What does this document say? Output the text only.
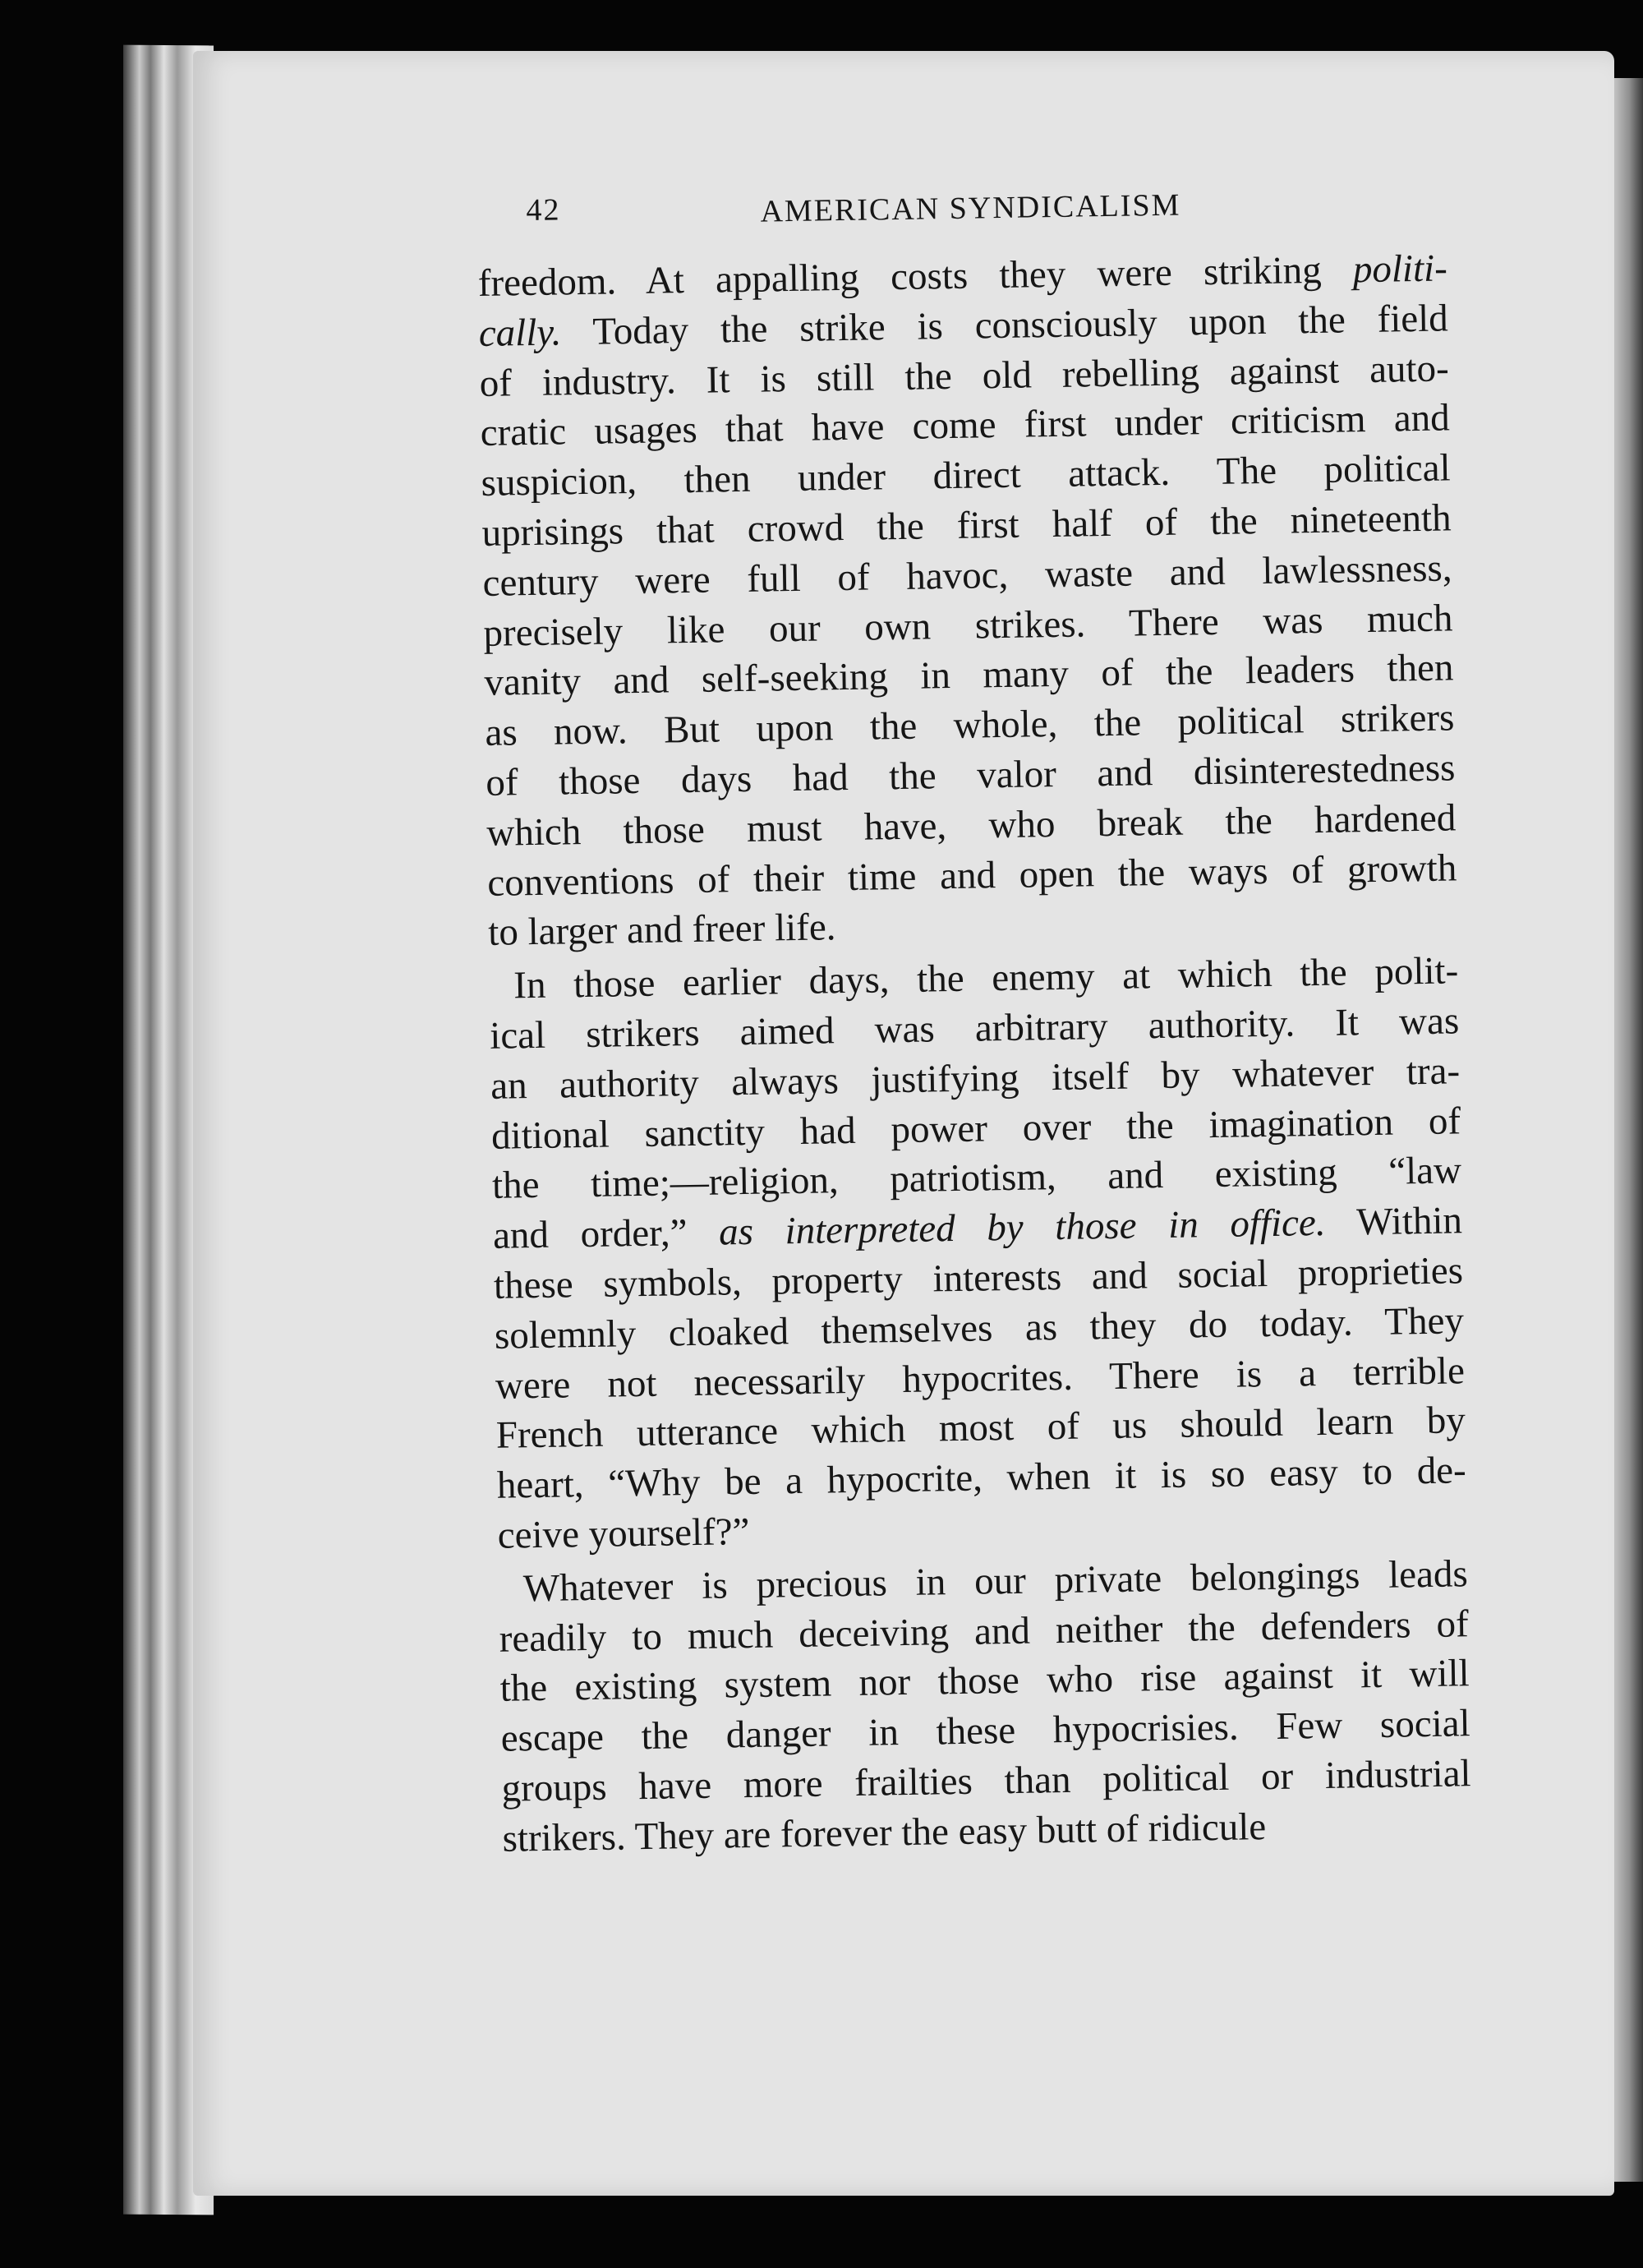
42	AMERICAN SYNDICALISM

freedom. At appalling costs they were striking politi-
cally. Today the strike is consciously upon the field
of industry. It is still the old rebelling against auto-
cratic usages that have come first under criticism and
suspicion, then under direct attack. The political
uprisings that crowd the first half of the nineteenth
century were full of havoc, waste and lawlessness,
precisely like our own strikes. There was much
vanity and self-seeking in many of the leaders then
as now. But upon the whole, the political strikers
of those days had the valor and disinterestedness
which those must have, who break the hardened
conventions of their time and open the ways of growth
to larger and freer life.

In those earlier days, the enemy at which the polit-
ical strikers aimed was arbitrary authority. It was
an authority always justifying itself by whatever tra-
ditional sanctity had power over the imagination of
the time;—religion, patriotism, and existing “law
and order,” as interpreted by those in office. Within
these symbols, property interests and social proprieties
solemnly cloaked themselves as they do today. They
were not necessarily hypocrites. There is a terrible
French utterance which most of us should learn by
heart, “Why be a hypocrite, when it is so easy to de-
ceive yourself?”

Whatever is precious in our private belongings leads
readily to much deceiving and neither the defenders of
the existing system nor those who rise against it will
escape the danger in these hypocrisies. Few social
groups have more frailties than political or industrial
strikers. They are forever the easy butt of ridicule
